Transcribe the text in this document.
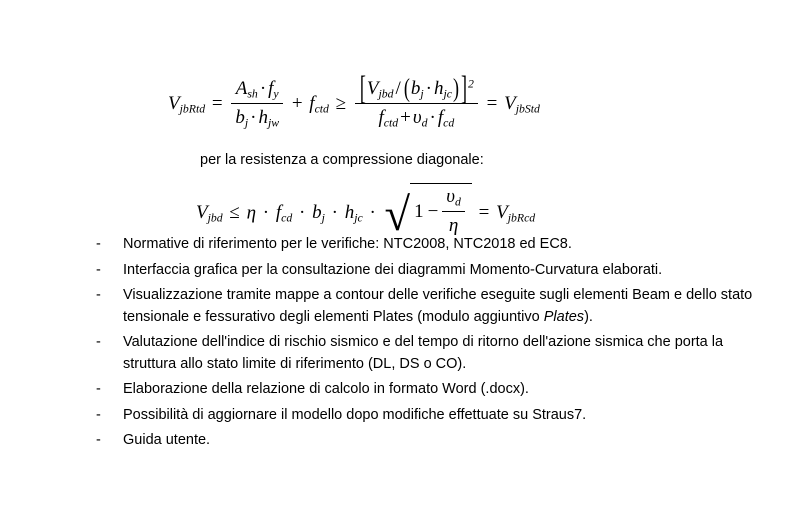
$V_{jbRtd} = \frac{A_{sh} \cdot f_y}{b_j \cdot h_{jw}} + f_{ctd} \ge \frac{[V_{jbd} / (b_j \cdot h_{jc}) ]^2}{f_{ctd} + \upsilon_d \cdot f_{cd}} = V_{jbStd}$
per la resistenza a compressione diagonale:
$V_{jbd} \le \eta \cdot f_{cd} \cdot b_j \cdot h_{jc}$ · √ $1 - \frac{\upsilon_d}{\eta} = V_{jbRcd}$
-	Normative di riferimento per le verifiche: NTC2008, NTC2018 ed EC8.
-	Interfaccia grafica per la consultazione dei diagrammi Momento-Curvatura elaborati.
-	Visualizzazione tramite mappe a contour delle verifiche eseguite sugli elementi Beam e dello stato tensionale e fessurativo degli elementi Plates (modulo aggiuntivo Plates).
-	Valutazione dell'indice di rischio sismico e del tempo di ritorno dell'azione sismica che porta la struttura allo stato limite di riferimento (DL, DS o CO).
-	Elaborazione della relazione di calcolo in formato Word (.docx).
-	Possibilità di aggiornare il modello dopo modifiche effettuate su Straus7.
-	Guida utente.
